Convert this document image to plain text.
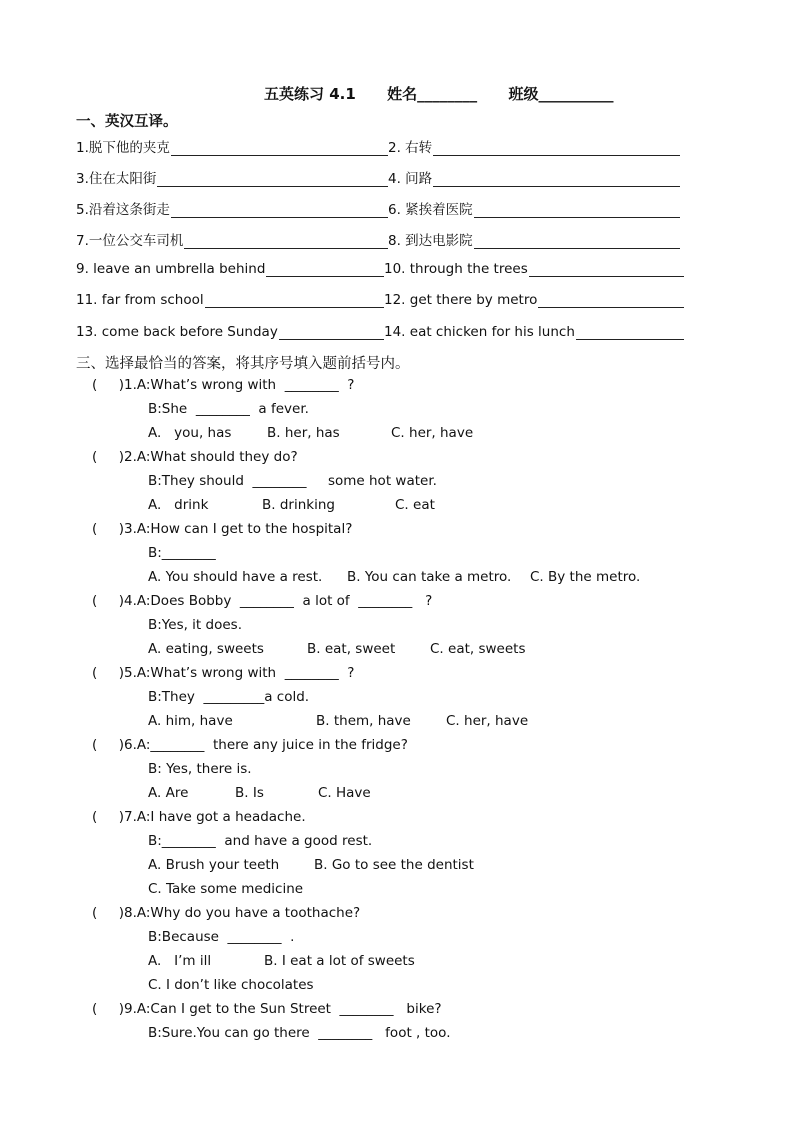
五英练习 4.1      姓名________      班级__________
一、英汉互译。
1.脱下他的夹克	2. 右转
3.住在太阳街	4. 问路
5.沿着这条街走	6. 紧挨着医院
7.一位公交车司机	8. 到达电影院
9. leave an umbrella behind	10. through the trees
11. far from school	12. get there by metro
13. come back before Sunday	14. eat chicken for his lunch
三、选择最恰当的答案，将其序号填入题前括号内。
(     )1.A:What’s wrong with  ________  ?
B:She  ________  a fever.
A.   you, has	B. her, has	C. her, have
(     )2.A:What should they do?
B:They should  ________     some hot water.
A.   drink	B. drinking	C. eat
(     )3.A:How can I get to the hospital?
B:________
A. You should have a rest. B. You can take a metro. C. By the metro.
(     )4.A:Does Bobby  ________  a lot of  ________   ?
B:Yes, it does.
A. eating, sweets	B. eat, sweet	C. eat, sweets
(     )5.A:What’s wrong with  ________  ?
B:They  _________a cold.
A. him, have	B. them, have	C. her, have
(     )6.A:________  there any juice in the fridge?
B: Yes, there is.
A. Are	B. Is	C. Have
(     )7.A:I have got a headache.
B:________  and have a good rest.
A. Brush your teeth	B. Go to see the dentist
C. Take some medicine
(     )8.A:Why do you have a toothache?
B:Because  ________  .
A.   I’m ill	B. I eat a lot of sweets
C. I don’t like chocolates
(     )9.A:Can I get to the Sun Street  ________   bike?
B:Sure.You can go there  ________   foot , too.
